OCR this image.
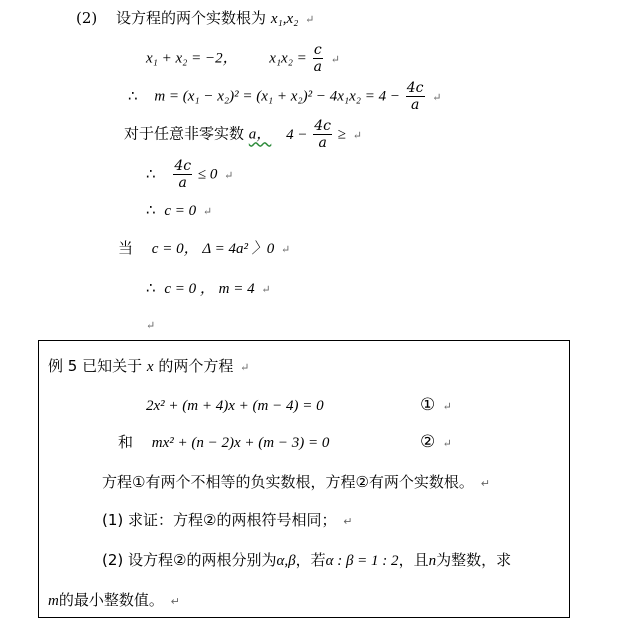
(2) 设方程的两个实数根为 x₁,x₂ ↵
x₁ + x₂ = −2， $x_1x_2 = \frac{c}{a}$ ↵
∴ $m = (x_1 - x_2)^2 = (x_1 + x_2)^2 - 4x_1x_2 = 4 - \frac{4c}{a}$ ↵
对于任意非零实数 a， $4 - \frac{4c}{a}$ ≥ ↵
∴ $\frac{4c}{a} \le 0$ ↵
∴ c = 0 ↵
当 c = 0， Δ = 4a² 〉0 ↵
∴ c = 0 ， m = 4 ↵
↵
例 5 已知关于 x 的两个方程 ↵
2x² + (m + 4)x + (m − 4) = 0	① ↵
和 mx² + (n − 2)x + (m − 3) = 0	② ↵
方程①有两个不相等的负实数根，方程②有两个实数根。 ↵
(1) 求证：方程②的两根符号相同； ↵
(2) 设方程②的两根分别为α,β，若α : β = 1 : 2，且n为整数，求
m的最小整数值。 ↵
